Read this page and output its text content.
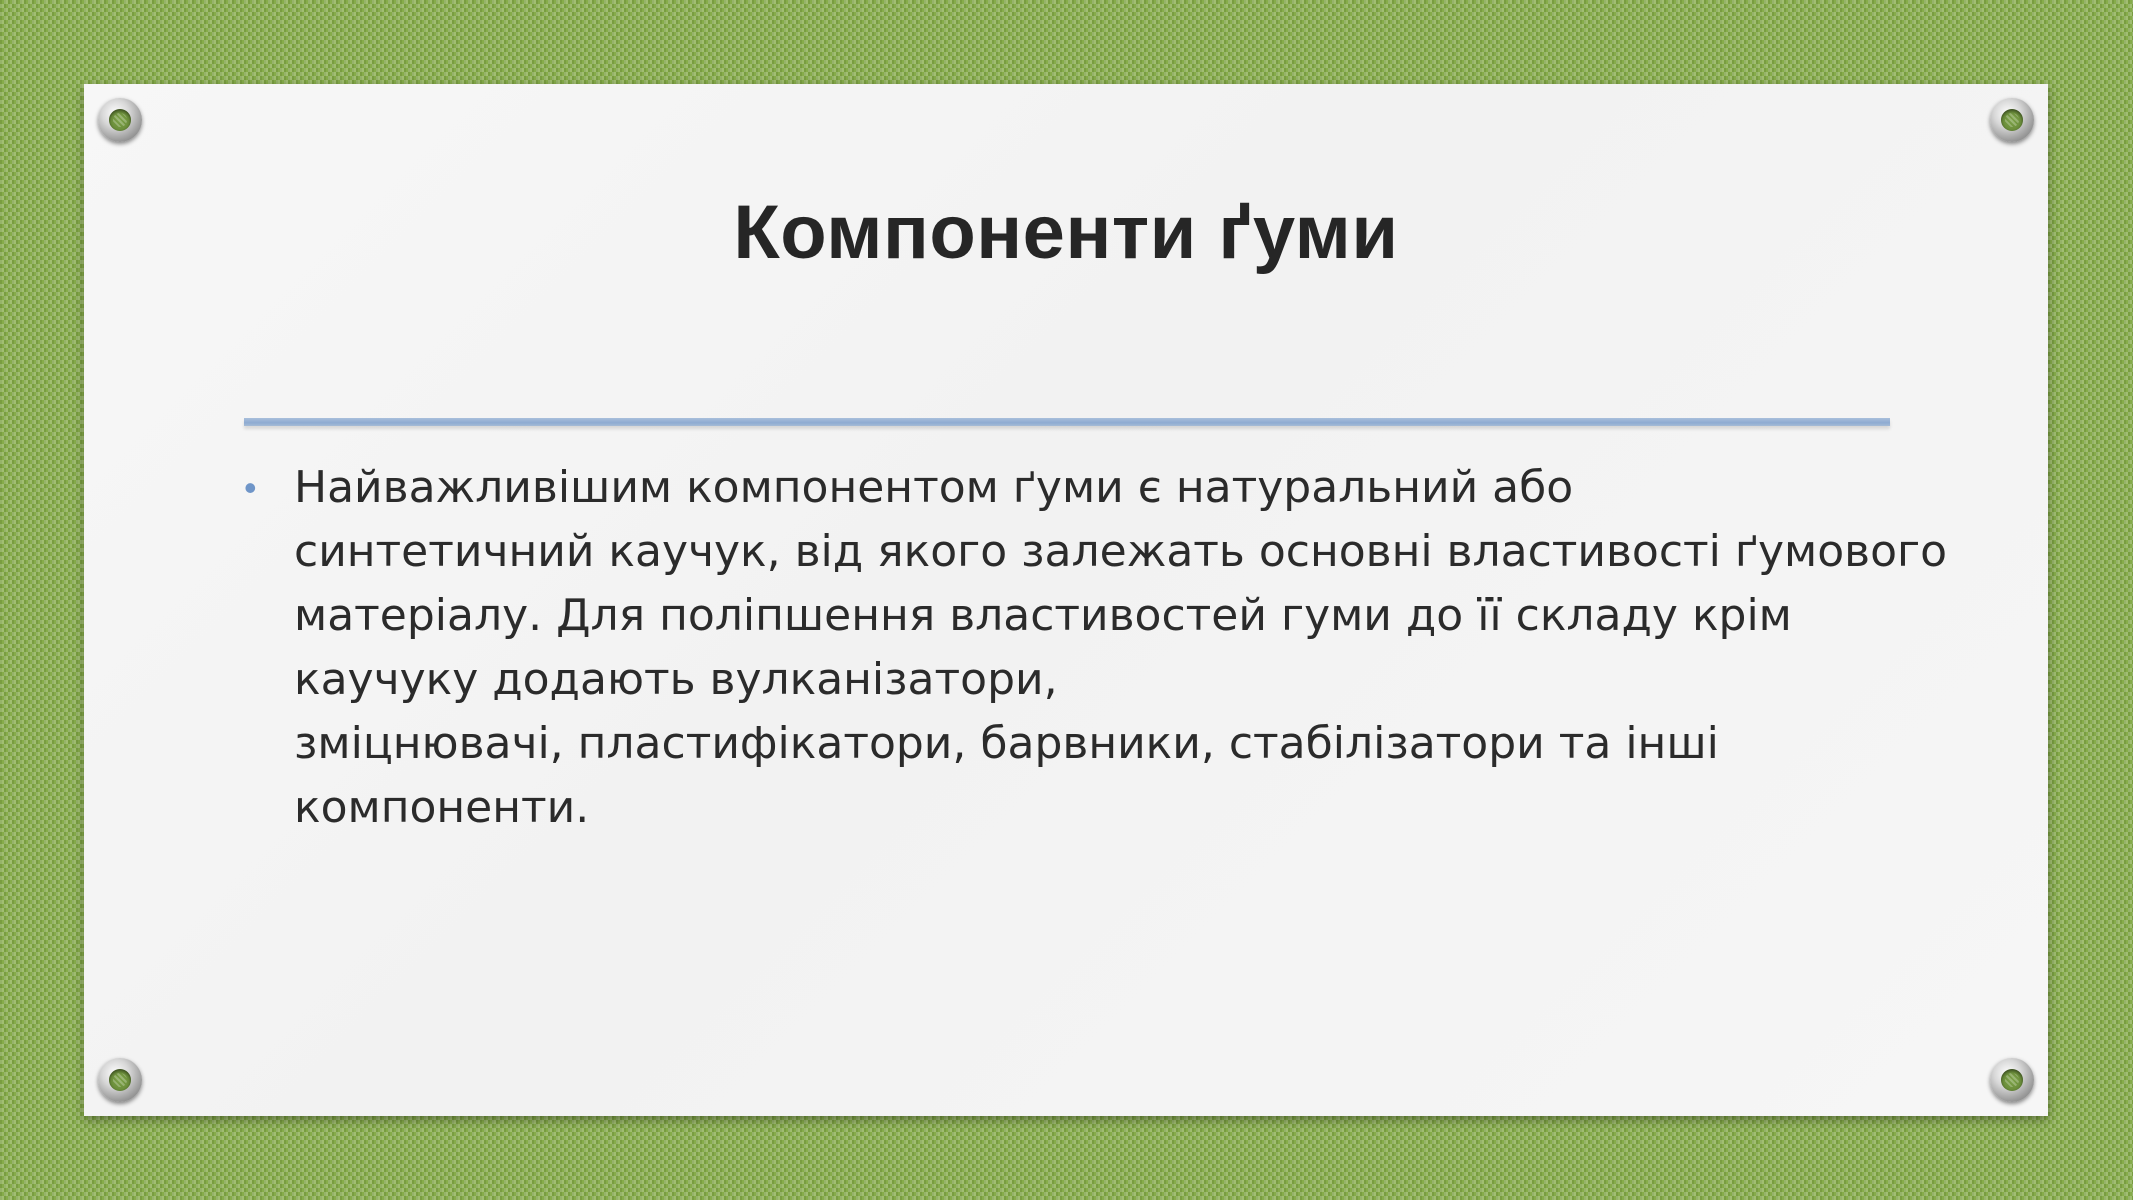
Компоненти ґуми
• Найважливішим компонентом ґуми є натуральний або
синтетичний каучук, від якого залежать основні властивості ґумового
матеріалу. Для поліпшення властивостей гуми до її складу крім
каучуку додають вулканізатори,
зміцнювачі, пластифікатори, барвники, стабілізатори та інші
компоненти.
